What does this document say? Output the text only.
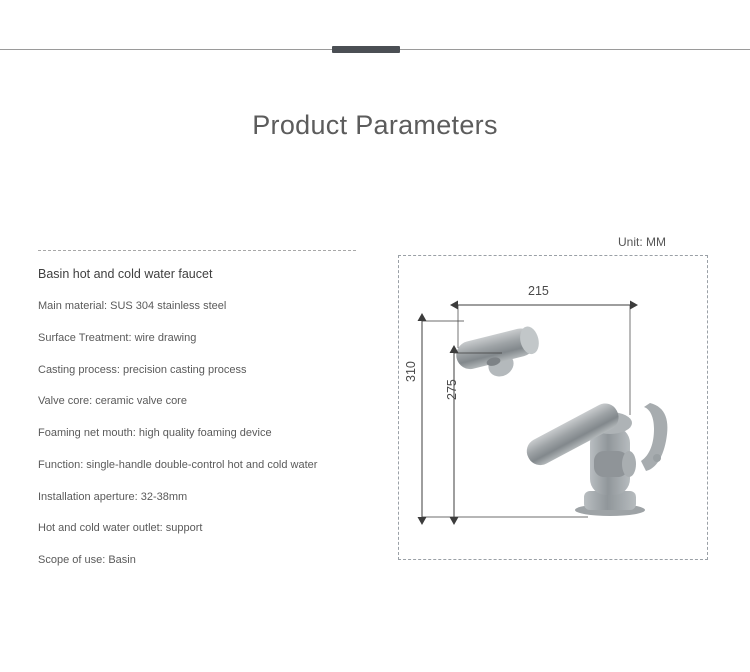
Product Parameters
Basin hot and cold water faucet
Main material: SUS 304 stainless steel
Surface Treatment: wire drawing
Casting process: precision casting process
Valve core: ceramic valve core
Foaming net mouth: high quality foaming device
Function: single-handle double-control hot and cold water
Installation aperture: 32-38mm
Hot and cold water outlet: support
Scope of use: Basin
Unit: MM
215
310
275
